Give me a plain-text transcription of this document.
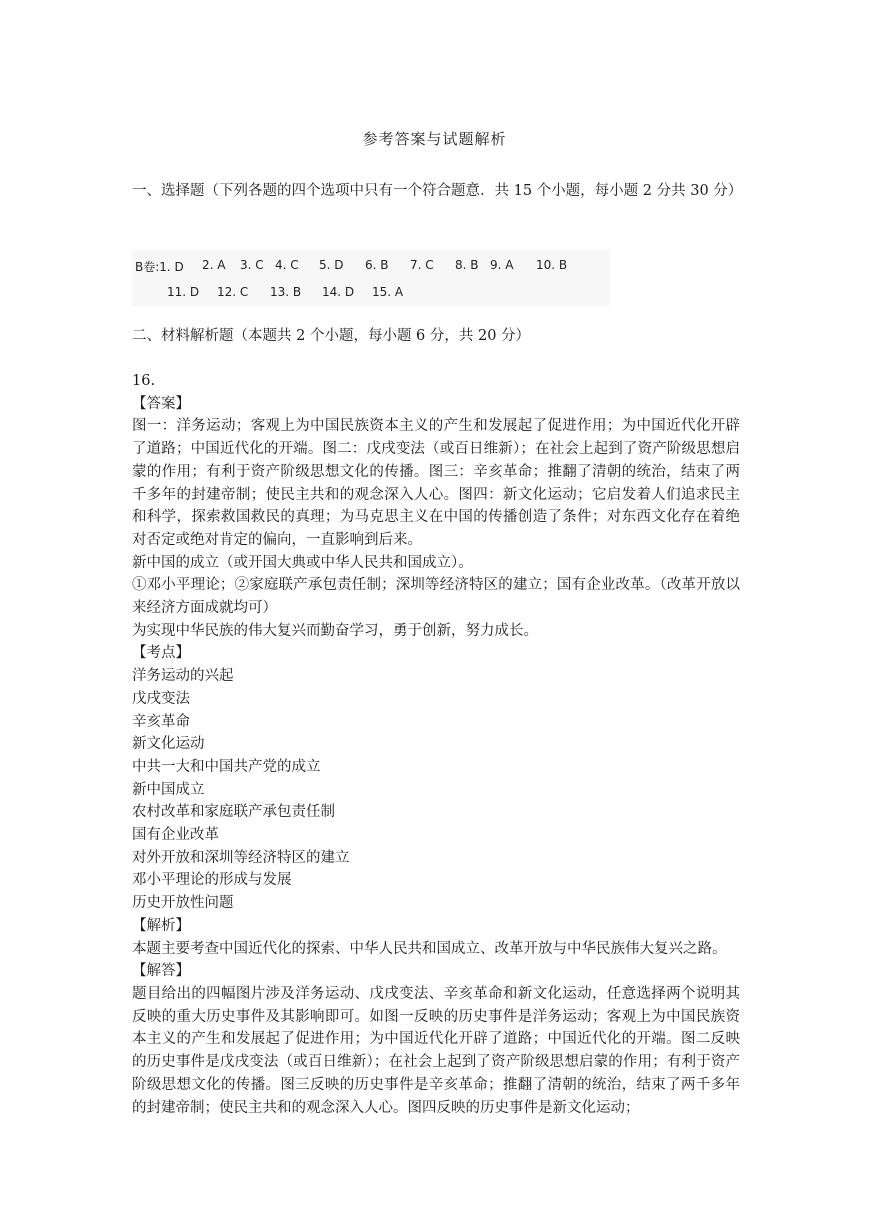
参考答案与试题解析

一、选择题（下列各题的四个选项中只有一个符合题意．共 15 个小题，每小题 2 分共 30 分）

B卷:1. D 2. A 3. C 4. C 5. D 6. B 7. C 8. B 9. A 10. B
11. D 12. C 13. B 14. D 15. A

二、材料解析题（本题共 2 个小题，每小题 6 分，共 20 分）

16.
【答案】
图一：洋务运动；客观上为中国民族资本主义的产生和发展起了促进作用；为中国近代化开辟了道路；中国近代化的开端。图二：戊戌变法（或百日维新）；在社会上起到了资产阶级思想启蒙的作用；有利于资产阶级思想文化的传播。图三：辛亥革命；推翻了清朝的统治，结束了两千多年的封建帝制；使民主共和的观念深入人心。图四：新文化运动；它启发着人们追求民主和科学，探索救国救民的真理；为马克思主义在中国的传播创造了条件；对东西文化存在着绝对否定或绝对肯定的偏向，一直影响到后来。
新中国的成立（或开国大典或中华人民共和国成立）。
①邓小平理论；②家庭联产承包责任制；深圳等经济特区的建立；国有企业改革。（改革开放以来经济方面成就均可）
为实现中华民族的伟大复兴而勤奋学习，勇于创新，努力成长。
【考点】
洋务运动的兴起
戊戌变法
辛亥革命
新文化运动
中共一大和中国共产党的成立
新中国成立
农村改革和家庭联产承包责任制
国有企业改革
对外开放和深圳等经济特区的建立
邓小平理论的形成与发展
历史开放性问题
【解析】
本题主要考查中国近代化的探索、中华人民共和国成立、改革开放与中华民族伟大复兴之路。
【解答】
题目给出的四幅图片涉及洋务运动、戊戌变法、辛亥革命和新文化运动，任意选择两个说明其反映的重大历史事件及其影响即可。如图一反映的历史事件是洋务运动；客观上为中国民族资本主义的产生和发展起了促进作用；为中国近代化开辟了道路；中国近代化的开端。图二反映的历史事件是戊戌变法（或百日维新）；在社会上起到了资产阶级思想启蒙的作用；有利于资产阶级思想文化的传播。图三反映的历史事件是辛亥革命；推翻了清朝的统治，结束了两千多年的封建帝制；使民主共和的观念深入人心。图四反映的历史事件是新文化运动；
